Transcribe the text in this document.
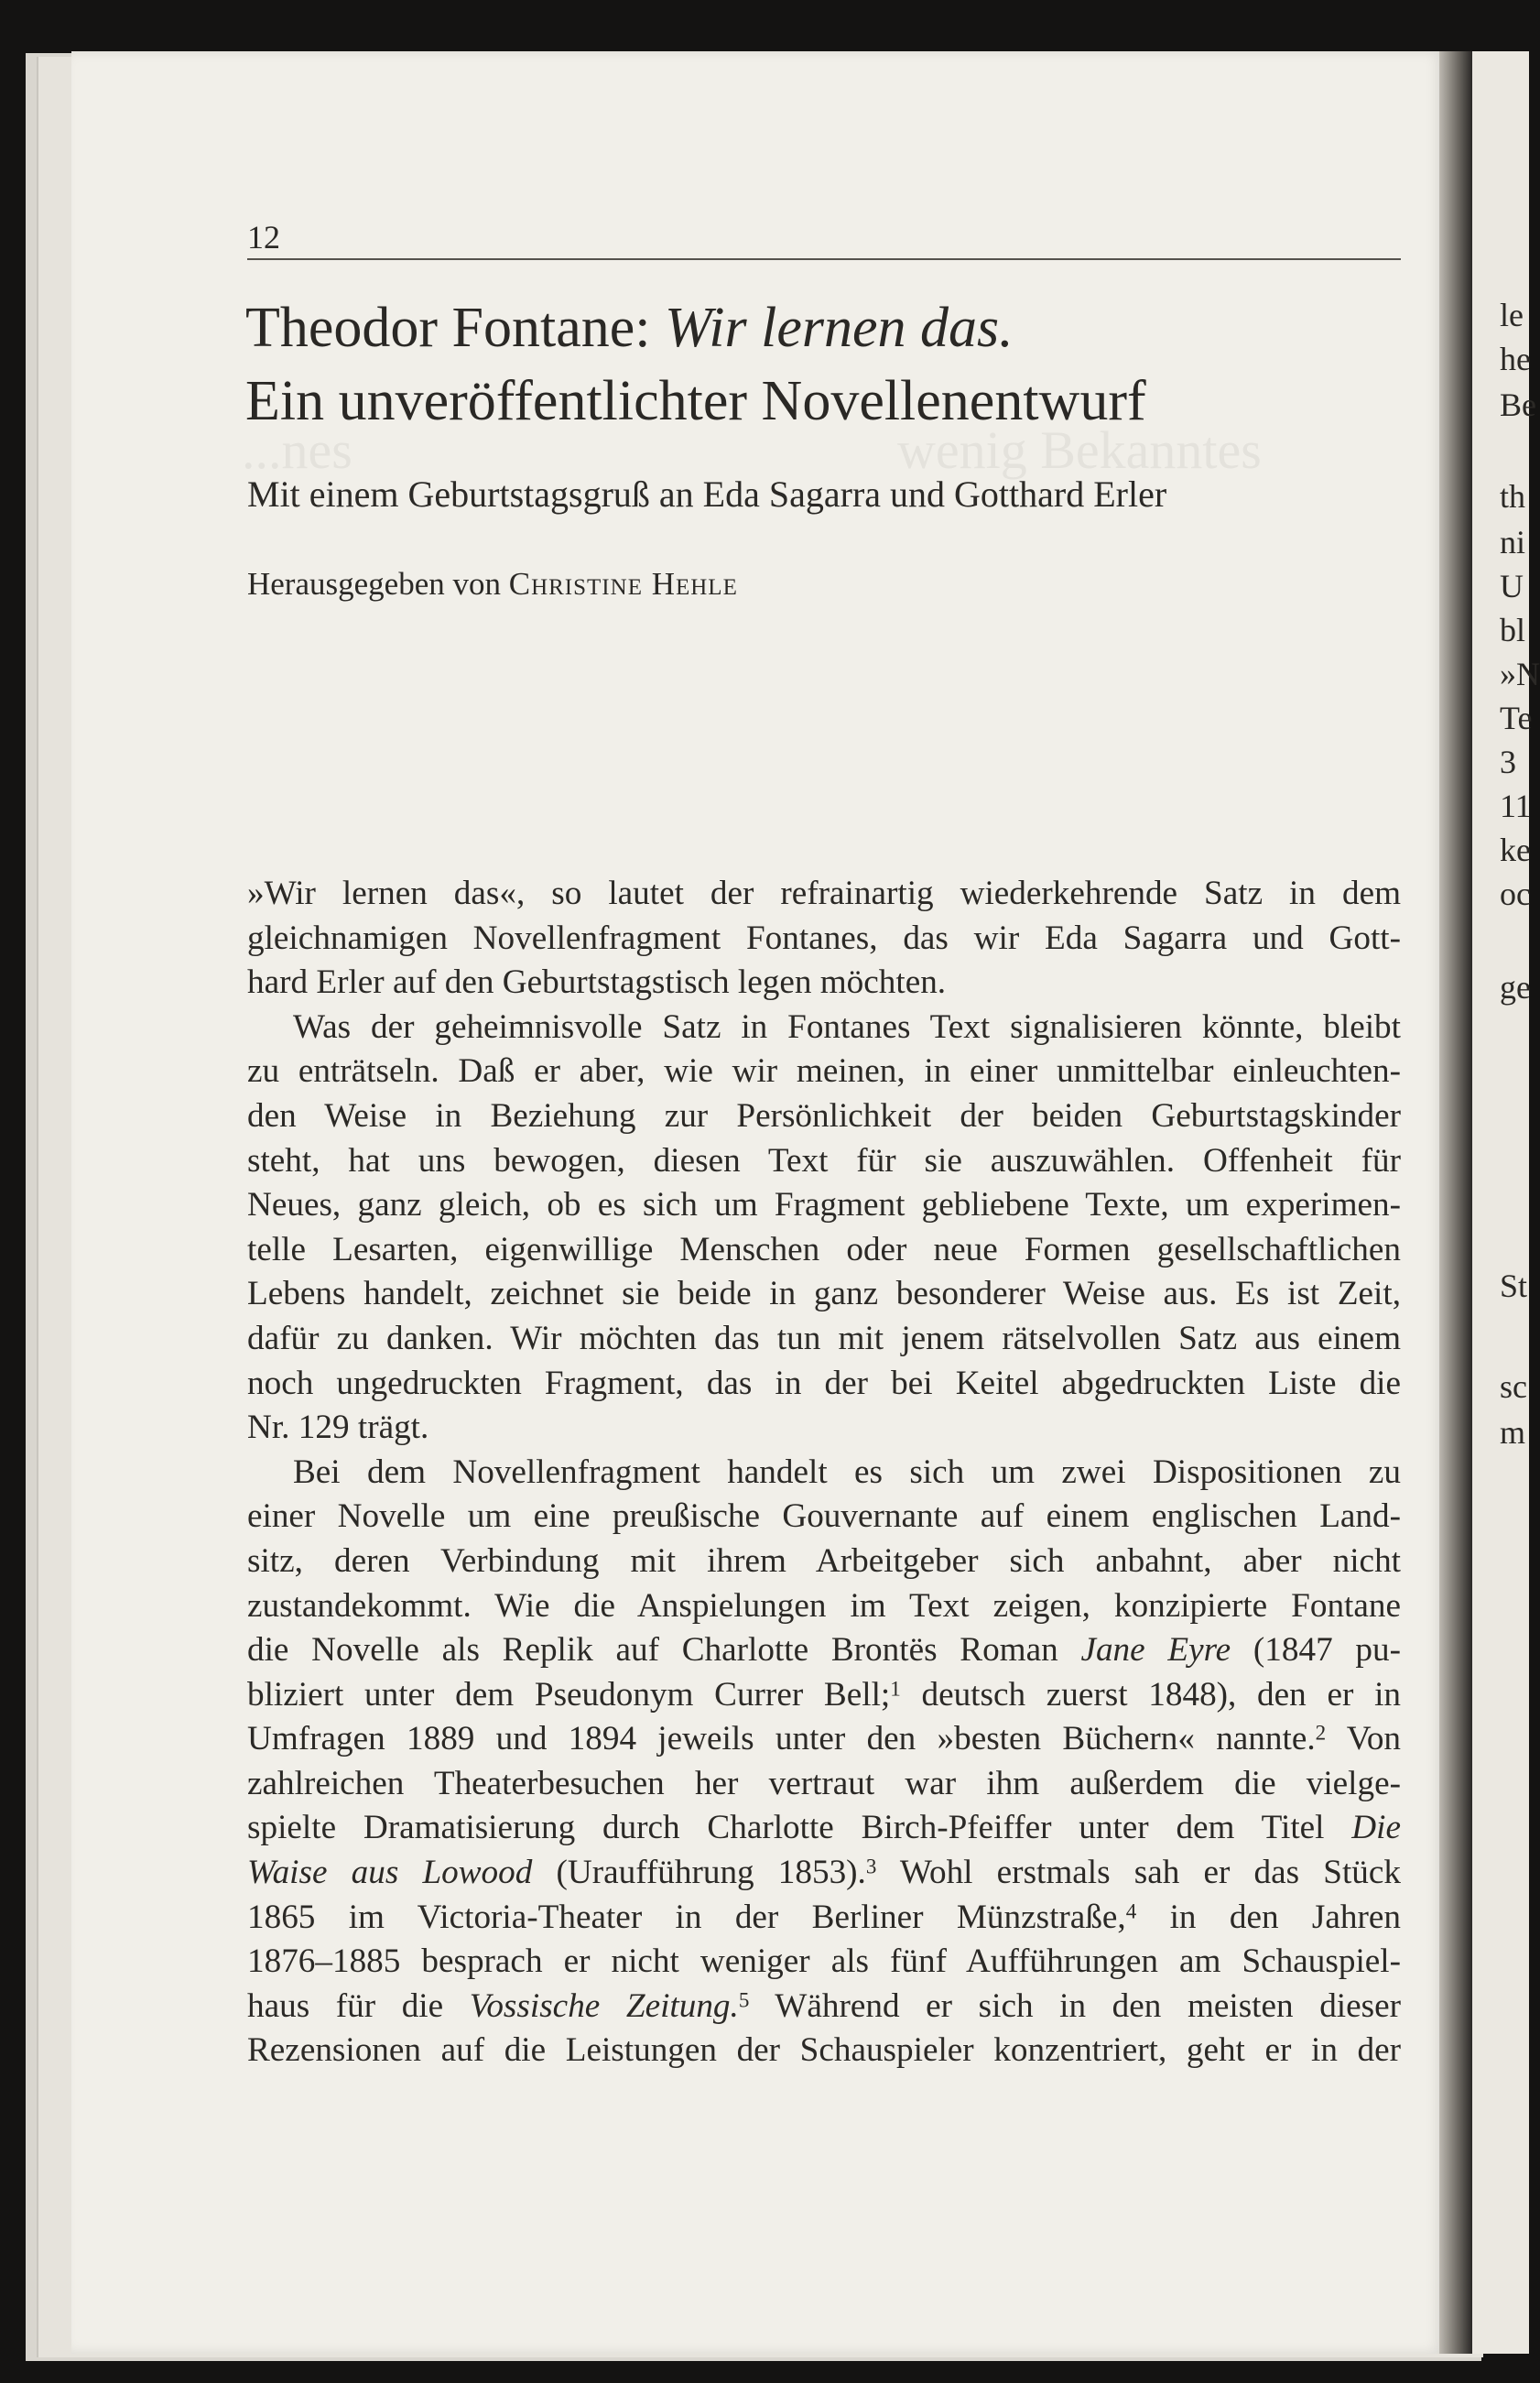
le
he
Be
th
ni
U
bl
»N
Te
3
11
ke
oc
ge
St
sc
m
...nes	wenig Bekanntes
12
Theodor Fontane: Wir lernen das.
Ein unveröffentlichter Novellenentwurf

Mit einem Geburtstagsgruß an Eda Sagarra und Gotthard Erler

Herausgegeben von Christine Hehle

»Wir lernen das«, so lautet der refrainartig wiederkehrende Satz in dem
gleichnamigen Novellenfragment Fontanes, das wir Eda Sagarra und Gott-
hard Erler auf den Geburtstagstisch legen möchten.
Was der geheimnisvolle Satz in Fontanes Text signalisieren könnte, bleibt
zu enträtseln. Daß er aber, wie wir meinen, in einer unmittelbar einleuchten-
den Weise in Beziehung zur Persönlichkeit der beiden Geburtstagskinder
steht, hat uns bewogen, diesen Text für sie auszuwählen. Offenheit für
Neues, ganz gleich, ob es sich um Fragment gebliebene Texte, um experimen-
telle Lesarten, eigenwillige Menschen oder neue Formen gesellschaftlichen
Lebens handelt, zeichnet sie beide in ganz besonderer Weise aus. Es ist Zeit,
dafür zu danken. Wir möchten das tun mit jenem rätselvollen Satz aus einem
noch ungedruckten Fragment, das in der bei Keitel abgedruckten Liste die
Nr. 129 trägt.
Bei dem Novellenfragment handelt es sich um zwei Dispositionen zu
einer Novelle um eine preußische Gouvernante auf einem englischen Land-
sitz, deren Verbindung mit ihrem Arbeitgeber sich anbahnt, aber nicht
zustandekommt. Wie die Anspielungen im Text zeigen, konzipierte Fontane
die Novelle als Replik auf Charlotte Brontës Roman Jane Eyre (1847 pu-
bliziert unter dem Pseudonym Currer Bell;$^1$ deutsch zuerst 1848), den er in
Umfragen 1889 und 1894 jeweils unter den »besten Büchern« nannte.$^2$ Von
zahlreichen Theaterbesuchen her vertraut war ihm außerdem die vielge-
spielte Dramatisierung durch Charlotte Birch-Pfeiffer unter dem Titel Die
Waise aus Lowood (Uraufführung 1853).$^3$ Wohl erstmals sah er das Stück
1865 im Victoria-Theater in der Berliner Münzstraße,$^4$ in den Jahren
1876–1885 besprach er nicht weniger als fünf Aufführungen am Schauspiel-
haus für die Vossische Zeitung.$^5$ Während er sich in den meisten dieser
Rezensionen auf die Leistungen der Schauspieler konzentriert, geht er in der
